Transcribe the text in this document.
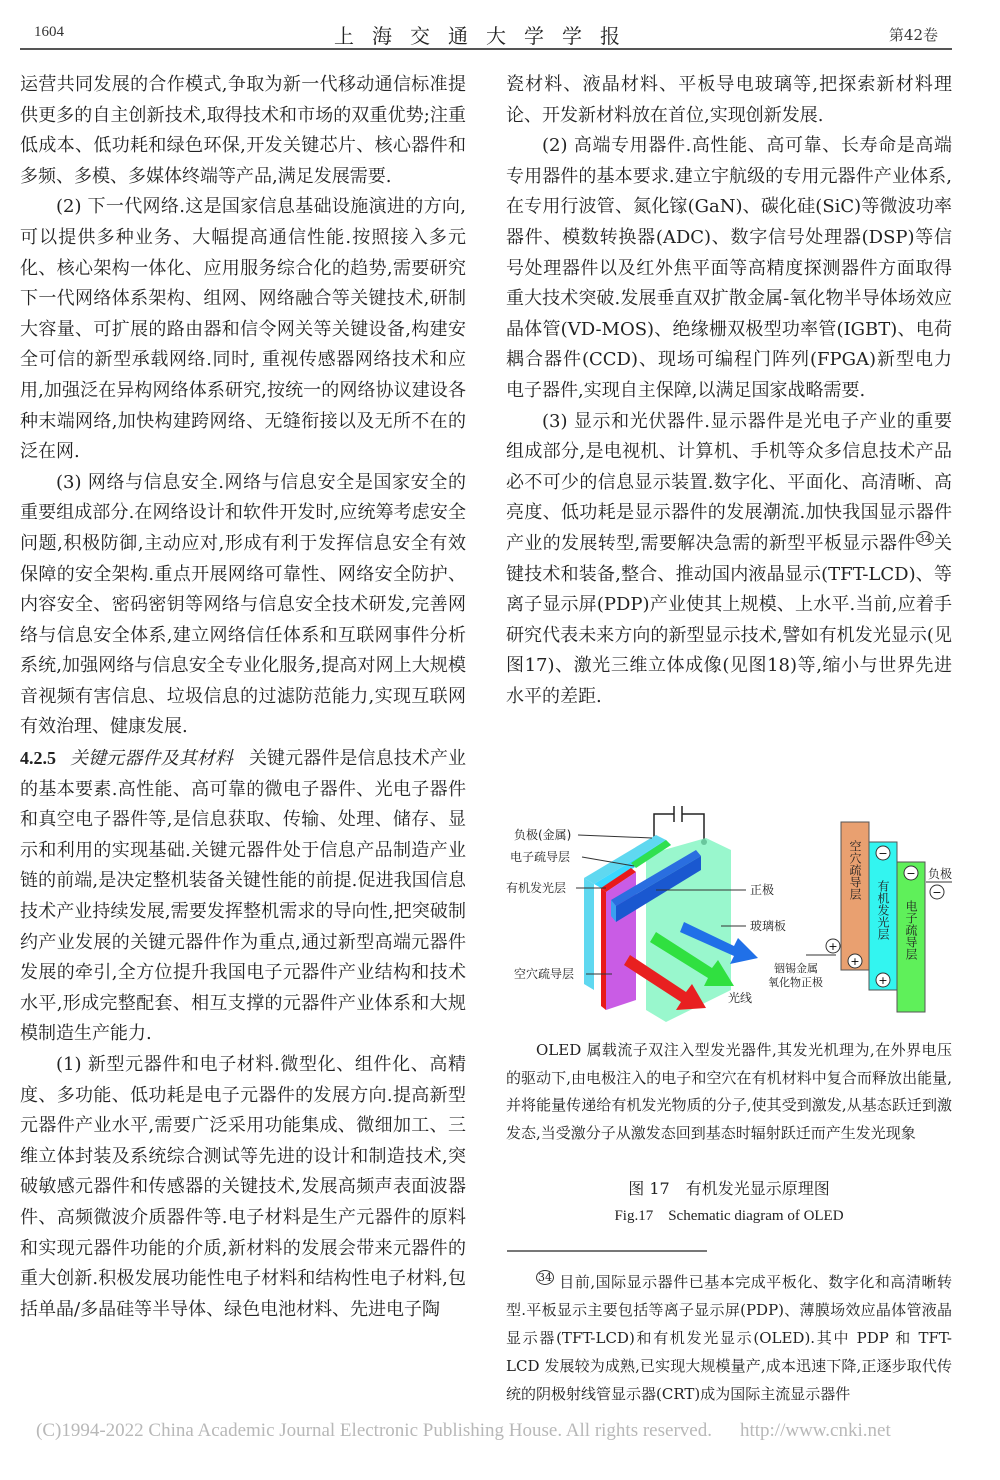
1604	上海交通大学学报	第42卷

运营共同发展的合作模式,争取为新一代移动通信标准提供更多的自主创新技术,取得技术和市场的双重优势;注重低成本、低功耗和绿色环保,开发关键芯片、核心器件和多频、多模、多媒体终端等产品,满足发展需要.

(2) 下一代网络.这是国家信息基础设施演进的方向,可以提供多种业务、大幅提高通信性能.按照接入多元化、核心架构一体化、应用服务综合化的趋势,需要研究下一代网络体系架构、组网、网络融合等关键技术,研制大容量、可扩展的路由器和信令网关等关键设备,构建安全可信的新型承载网络.同时, 重视传感器网络技术和应用,加强泛在异构网络体系研究,按统一的网络协议建设各种末端网络,加快构建跨网络、无缝衔接以及无所不在的泛在网.

(3) 网络与信息安全.网络与信息安全是国家安全的重要组成部分.在网络设计和软件开发时,应统筹考虑安全问题,积极防御,主动应对,形成有利于发挥信息安全有效保障的安全架构.重点开展网络可靠性、网络安全防护、内容安全、密码密钥等网络与信息安全技术研发,完善网络与信息安全体系,建立网络信任体系和互联网事件分析系统,加强网络与信息安全专业化服务,提高对网上大规模音视频有害信息、垃圾信息的过滤防范能力,实现互联网有效治理、健康发展.

4.2.5 关键元器件及其材料 关键元器件是信息技术产业的基本要素.高性能、高可靠的微电子器件、光电子器件和真空电子器件等,是信息获取、传输、处理、储存、显示和利用的实现基础.关键元器件处于信息产品制造产业链的前端,是决定整机装备关键性能的前提.促进我国信息技术产业持续发展,需要发挥整机需求的导向性,把突破制约产业发展的关键元器件作为重点,通过新型高端元器件发展的牵引,全方位提升我国电子元器件产业结构和技术水平,形成完整配套、相互支撑的元器件产业体系和大规模制造生产能力.

(1) 新型元器件和电子材料.微型化、组件化、高精度、多功能、低功耗是电子元器件的发展方向.提高新型元器件产业水平,需要广泛采用功能集成、微细加工、三维立体封装及系统综合测试等先进的设计和制造技术,突破敏感元器件和传感器的关键技术,发展高频声表面波器件、高频微波介质器件等.电子材料是生产元器件的原料和实现元器件功能的介质,新材料的发展会带来元器件的重大创新.积极发展功能性电子材料和结构性电子材料,包括单晶/多晶硅等半导体、绿色电池材料、先进电子陶

瓷材料、液晶材料、平板导电玻璃等,把探索新材料理论、开发新材料放在首位,实现创新发展.

(2) 高端专用器件.高性能、高可靠、长寿命是高端专用器件的基本要求.建立宇航级的专用元器件产业体系,在专用行波管、氮化镓(GaN)、碳化硅(SiC)等微波功率器件、模数转换器(ADC)、数字信号处理器(DSP)等信号处理器件以及红外焦平面等高精度探测器件方面取得重大技术突破.发展垂直双扩散金属-氧化物半导体场效应晶体管(VD-MOS)、绝缘栅双极型功率管(IGBT)、电荷耦合器件(CCD)、现场可编程门阵列(FPGA)新型电力电子器件,实现自主保障,以满足国家战略需要.

(3) 显示和光伏器件.显示器件是光电子产业的重要组成部分,是电视机、计算机、手机等众多信息技术产品必不可少的信息显示装置.数字化、平面化、高清晰、高亮度、低功耗是显示器件的发展潮流.加快我国显示器件产业的发展转型,需要解决急需的新型平板显示器件 $^{34}$ 关键技术和装备,整合、推动国内液晶显示(TFT-LCD)、等离子显示屏(PDP)产业使其上规模、上水平.当前,应着手研究代表未来方向的新型显示技术,譬如有机发光显示(见图17)、激光三维立体成像(见图18)等,缩小与世界先进水平的差距.

负极(金属)
电子疏导层
有机发光层
空穴疏导层
正极
玻璃板
光线
铟锡金属
氧化物正极
空穴疏导层
有机发光层 电子疏导层
负极
−
−
−
+
+
+

OLED 属载流子双注入型发光器件,其发光机理为,在外界电压的驱动下,由电极注入的电子和空穴在有机材料中复合而释放出能量,并将能量传递给有机发光物质的分子,使其受到激发,从基态跃迁到激发态,当受激分子从激发态回到基态时辐射跃迁而产生发光现象

图 17　有机发光显示原理图
Fig.17　Schematic diagram of OLED

$^{34}$ 目前,国际显示器件已基本完成平板化、数字化和高清晰转型.平板显示主要包括等离子显示屏(PDP)、薄膜场效应晶体管液晶显示器(TFT-LCD)和有机发光显示(OLED).其中 PDP 和 TFT-LCD 发展较为成熟,已实现大规模量产,成本迅速下降,正逐步取代传统的阴极射线管显示器(CRT)成为国际主流显示器件

(C)1994-2022 China Academic Journal Electronic Publishing House. All rights reserved. http://www.cnki.net
